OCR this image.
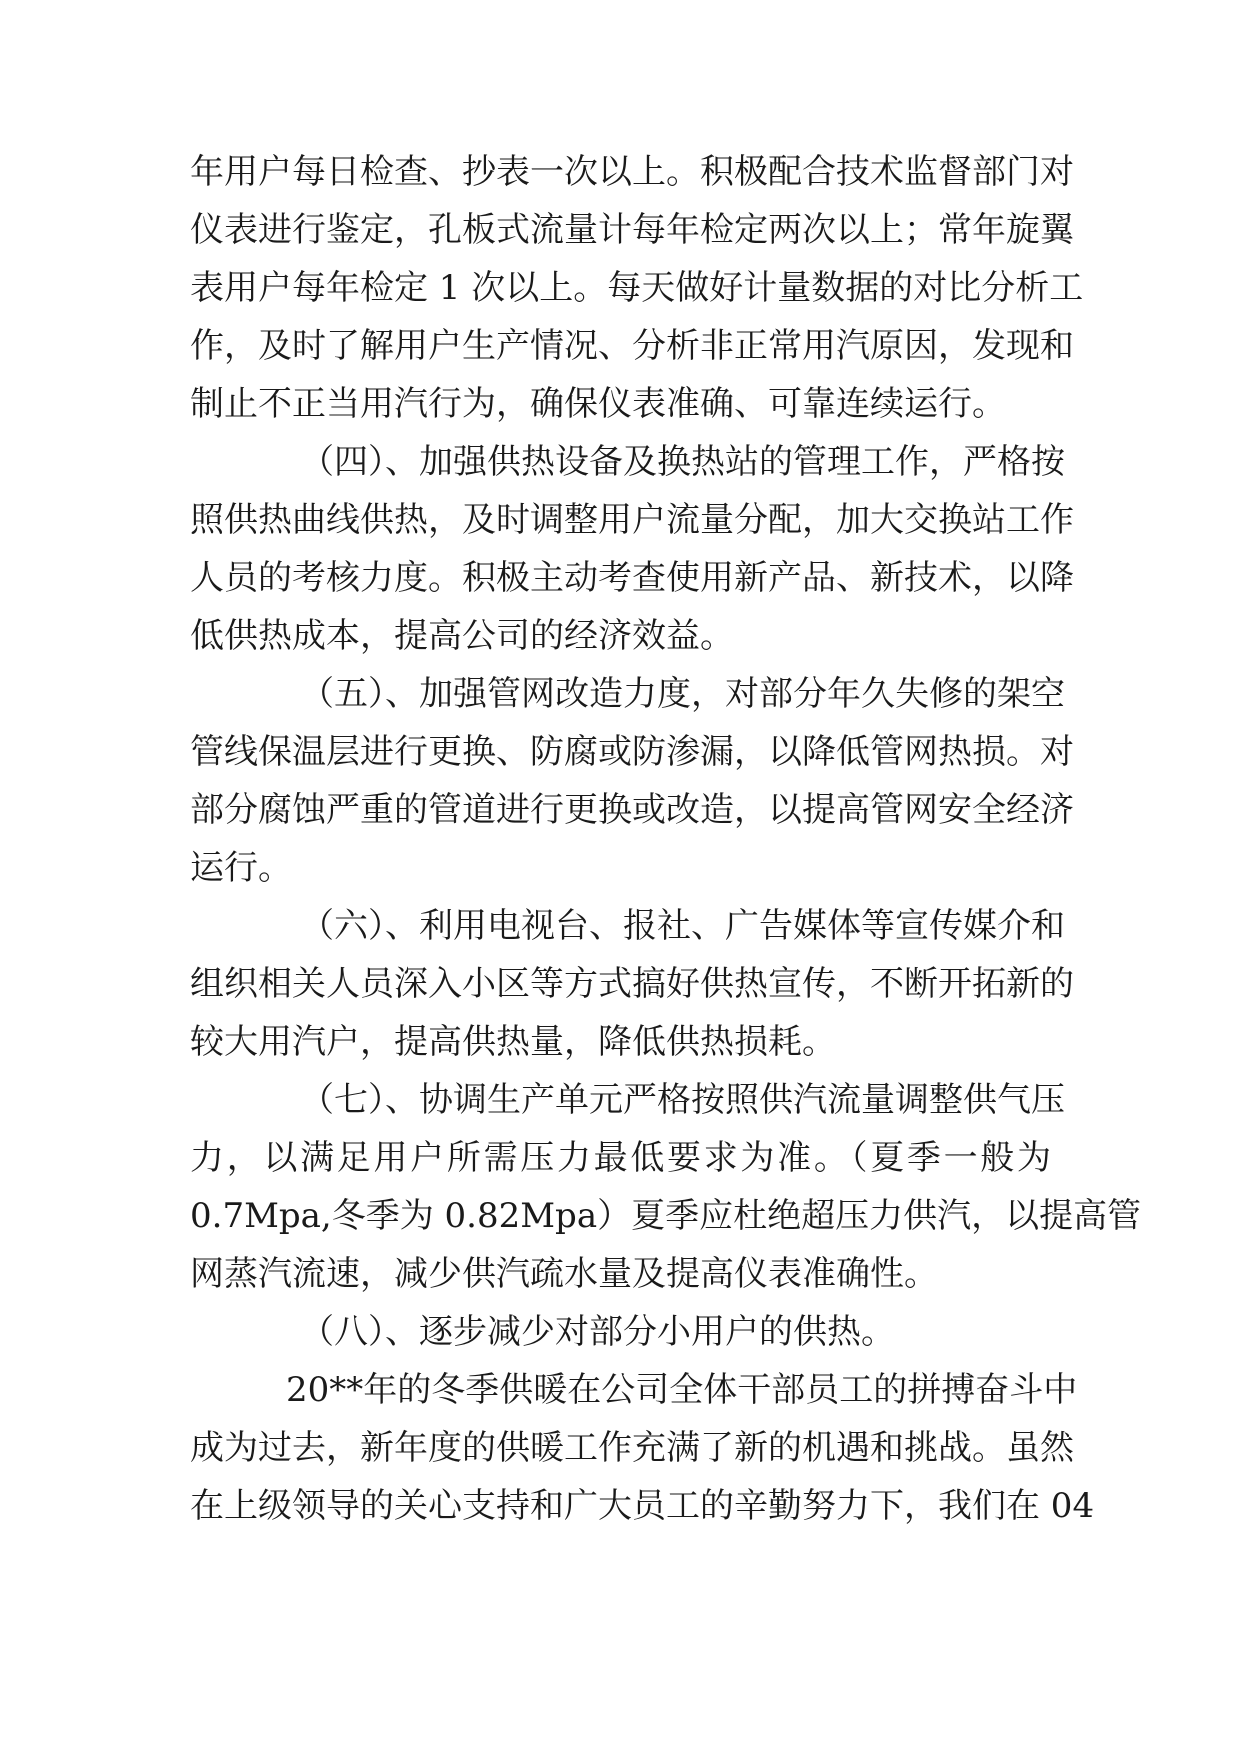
年用户每日检查、抄表一次以上。积极配合技术监督部门对
仪表进行鉴定，孔板式流量计每年检定两次以上；常年旋翼
表用户每年检定 1 次以上。每天做好计量数据的对比分析工
作，及时了解用户生产情况、分析非正常用汽原因，发现和
制止不正当用汽行为，确保仪表准确、可靠连续运行。
（四）、加强供热设备及换热站的管理工作，严格按
照供热曲线供热，及时调整用户流量分配，加大交换站工作
人员的考核力度。积极主动考查使用新产品、新技术，以降
低供热成本，提高公司的经济效益。
（五）、加强管网改造力度，对部分年久失修的架空
管线保温层进行更换、防腐或防渗漏，以降低管网热损。对
部分腐蚀严重的管道进行更换或改造，以提高管网安全经济
运行。
（六）、利用电视台、报社、广告媒体等宣传媒介和
组织相关人员深入小区等方式搞好供热宣传，不断开拓新的
较大用汽户，提高供热量，降低供热损耗。
（七）、协调生产单元严格按照供汽流量调整供气压
力，以满足用户所需压力最低要求为准。（夏季一般为
0.7Mpa,冬季为 0.82Mpa）夏季应杜绝超压力供汽，以提高管
网蒸汽流速，减少供汽疏水量及提高仪表准确性。
（八）、逐步减少对部分小用户的供热。
20**年的冬季供暖在公司全体干部员工的拼搏奋斗中
成为过去，新年度的供暖工作充满了新的机遇和挑战。虽然
在上级领导的关心支持和广大员工的辛勤努力下，我们在 04
